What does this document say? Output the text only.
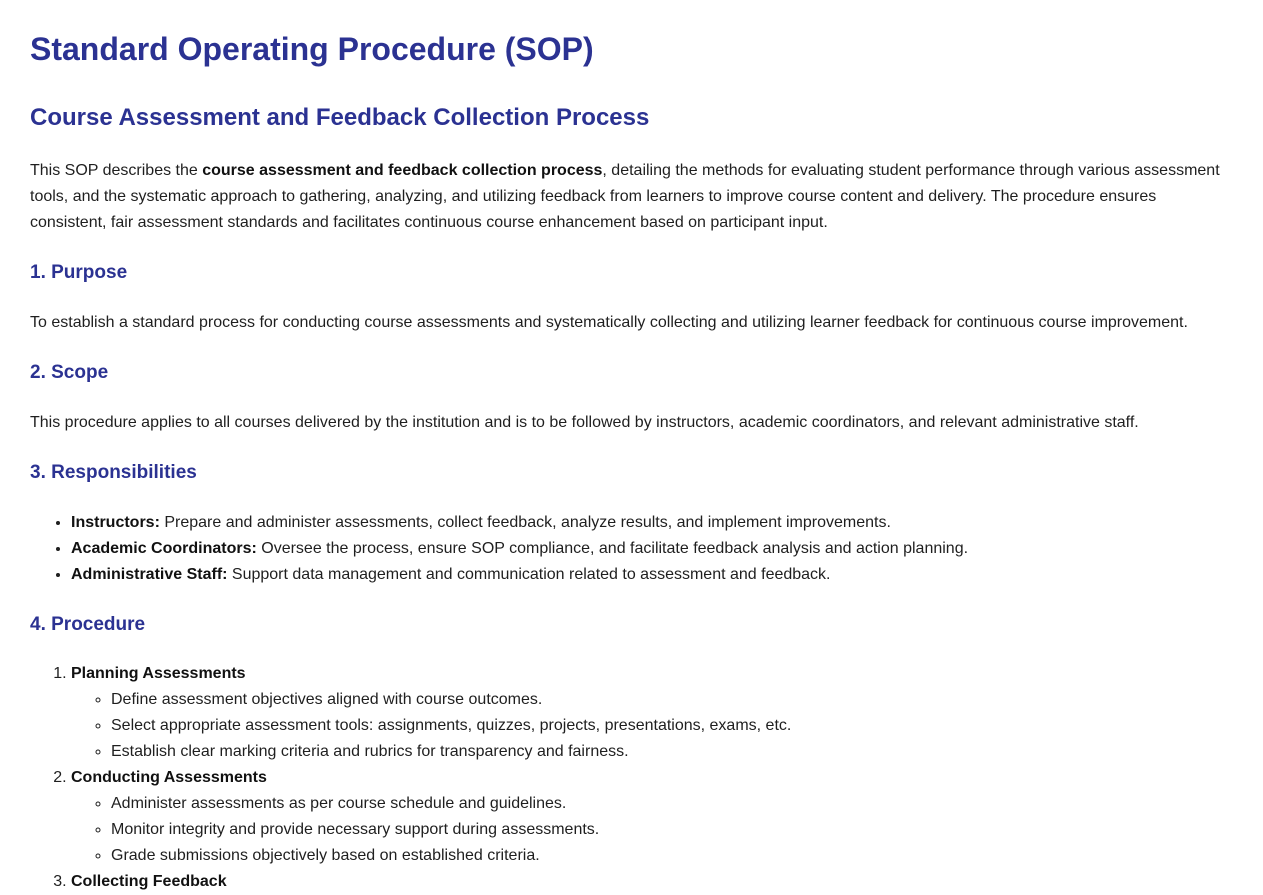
Standard Operating Procedure (SOP)
Course Assessment and Feedback Collection Process

This SOP describes the course assessment and feedback collection process, detailing the methods for evaluating student performance through various assessment tools, and the systematic approach to gathering, analyzing, and utilizing feedback from learners to improve course content and delivery. The procedure ensures consistent, fair assessment standards and facilitates continuous course enhancement based on participant input.

1. Purpose

To establish a standard process for conducting course assessments and systematically collecting and utilizing learner feedback for continuous course improvement.

2. Scope

This procedure applies to all courses delivered by the institution and is to be followed by instructors, academic coordinators, and relevant administrative staff.

3. Responsibilities
• Instructors: Prepare and administer assessments, collect feedback, analyze results, and implement improvements.
• Academic Coordinators: Oversee the process, ensure SOP compliance, and facilitate feedback analysis and action planning.
• Administrative Staff: Support data management and communication related to assessment and feedback.
4. Procedure
1. Planning Assessments
◦ Define assessment objectives aligned with course outcomes.
◦ Select appropriate assessment tools: assignments, quizzes, projects, presentations, exams, etc.
◦ Establish clear marking criteria and rubrics for transparency and fairness.
2. Conducting Assessments
◦ Administer assessments as per course schedule and guidelines.
◦ Monitor integrity and provide necessary support during assessments.
◦ Grade submissions objectively based on established criteria.
3. Collecting Feedback
